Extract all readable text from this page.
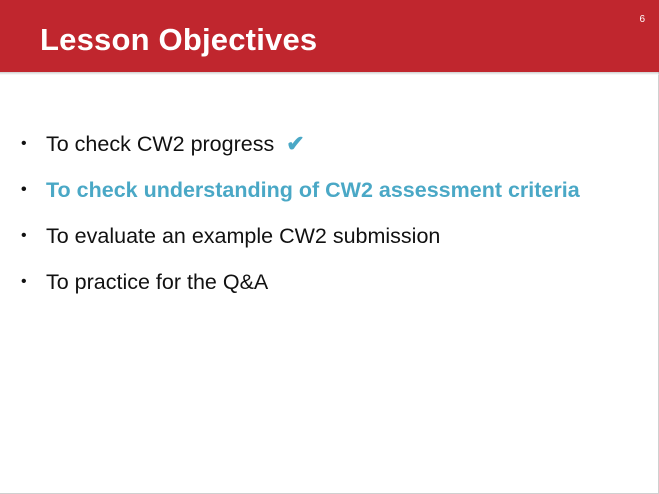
Lesson Objectives
6
• To check CW2 progress ✔
• To check understanding of CW2 assessment criteria
• To evaluate an example CW2 submission
• To practice for the Q&A
